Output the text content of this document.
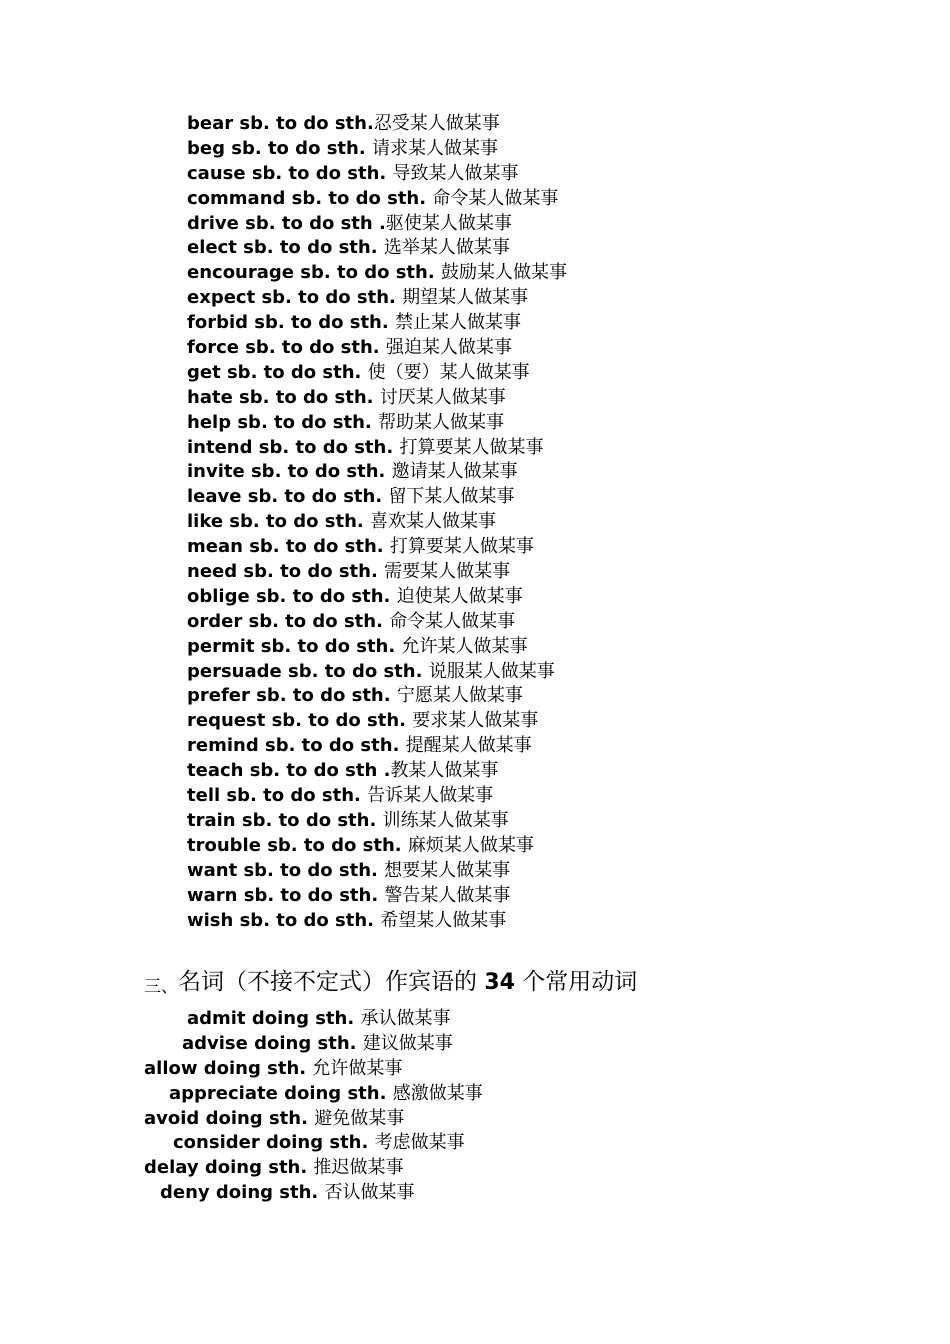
bear sb. to do sth.忍受某人做某事
beg sb. to do sth. 请求某人做某事
cause sb. to do sth. 导致某人做某事
command sb. to do sth. 命令某人做某事
drive sb. to do sth .驱使某人做某事
elect sb. to do sth. 选举某人做某事
encourage sb. to do sth. 鼓励某人做某事
expect sb. to do sth. 期望某人做某事
forbid sb. to do sth. 禁止某人做某事
force sb. to do sth. 强迫某人做某事
get sb. to do sth. 使（要）某人做某事
hate sb. to do sth. 讨厌某人做某事
help sb. to do sth. 帮助某人做某事
intend sb. to do sth. 打算要某人做某事
invite sb. to do sth. 邀请某人做某事
leave sb. to do sth. 留下某人做某事
like sb. to do sth. 喜欢某人做某事
mean sb. to do sth. 打算要某人做某事
need sb. to do sth. 需要某人做某事
oblige sb. to do sth. 迫使某人做某事
order sb. to do sth. 命令某人做某事
permit sb. to do sth. 允许某人做某事
persuade sb. to do sth. 说服某人做某事
prefer sb. to do sth. 宁愿某人做某事
request sb. to do sth. 要求某人做某事
remind sb. to do sth. 提醒某人做某事
teach sb. to do sth .教某人做某事
tell sb. to do sth. 告诉某人做某事
train sb. to do sth. 训练某人做某事
trouble sb. to do sth. 麻烦某人做某事
want sb. to do sth. 想要某人做某事
warn sb. to do sth. 警告某人做某事
wish sb. to do sth. 希望某人做某事
三、名词（不接不定式）作宾语的 34 个常用动词
admit doing sth. 承认做某事
advise doing sth. 建议做某事
allow doing sth. 允许做某事
appreciate doing sth. 感激做某事
avoid doing sth. 避免做某事
consider doing sth. 考虑做某事
delay doing sth. 推迟做某事
deny doing sth. 否认做某事
